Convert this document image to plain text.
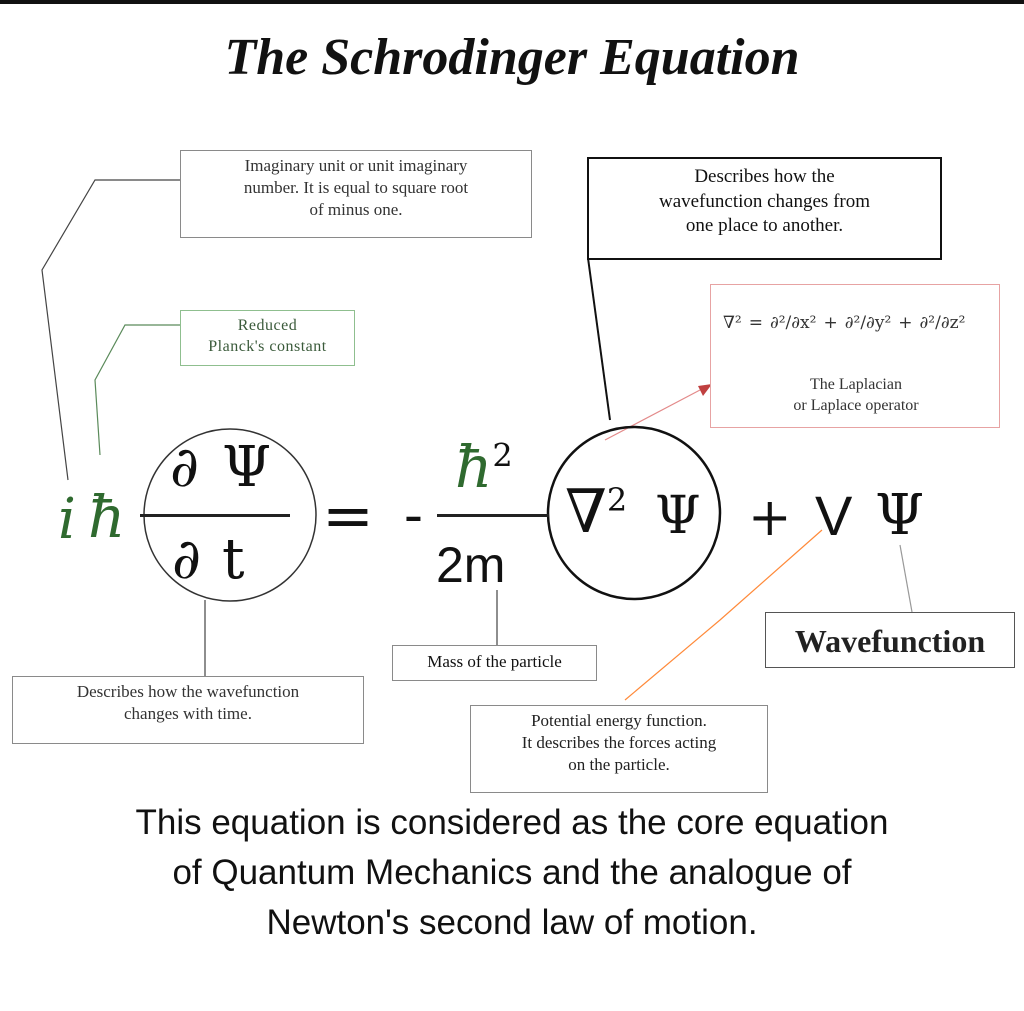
The Schrodinger Equation
Imaginary unit or unit imaginary
number. It is equal to square root
of minus one.
Reduced
Planck's constant
Describes how the
wavefunction changes from
one place to another.
∇² = ∂²/∂x² + ∂²/∂y² + ∂²/∂z²
The Laplacian
or Laplace operator
Mass of the particle
Wavefunction
Describes how the wavefunction
changes with time.	Potential energy function.
It describes the forces acting
on the particle.
i ħ
∂ Ψ
∂ t
= -
$ħ^2$
2m
∇$^2$ Ψ + V Ψ
This equation is considered as the core equation
of Quantum Mechanics and the analogue of
Newton's second law of motion.
